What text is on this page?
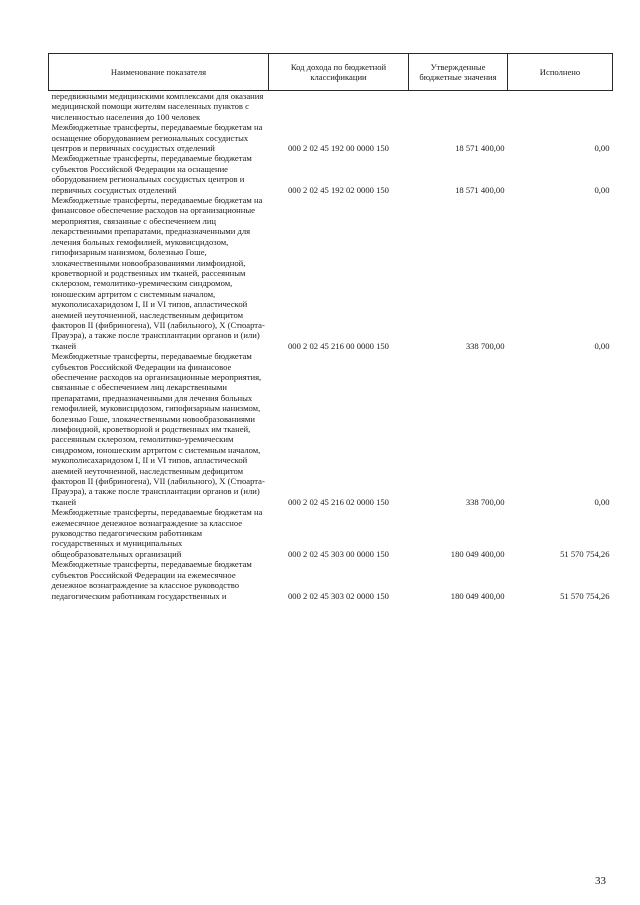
Наименование показателя	Код дохода по бюджетной классификации	Утвержденные бюджетные значения	Исполнено
передвижными медицинскими комплексами для оказания медицинской помощи жителям населенных пунктов с численностью населения до 100 человек			
Межбюджетные трансферты, передаваемые бюджетам на оснащение оборудованием региональных сосудистых центров и первичных сосудистых отделений	000 2 02 45 192 00 0000 150	18 571 400,00	0,00
Межбюджетные трансферты, передаваемые бюджетам субъектов Российской Федерации на оснащение оборудованием региональных сосудистых центров и первичных сосудистых отделений	000 2 02 45 192 02 0000 150	18 571 400,00	0,00
Межбюджетные трансферты, передаваемые бюджетам на финансовое обеспечение расходов на организационные мероприятия, связанные с обеспечением лиц лекарственными препаратами, предназначенными для лечения больных гемофилией, муковисцидозом, гипофизарным нанизмом, болезнью Гоше, злокачественными новообразованиями лимфоидной, кроветворной и родственных им тканей, рассеянным склерозом, гемолитико-уремическим синдромом, юношеским артритом с системным началом, мукополисахаридозом I, II и VI типов, апластической анемией неуточненной, наследственным дефицитом факторов II (фибриногена), VII (лабильного), X (Стюарта-Прауэра), а также после трансплантации органов и (или) тканей	000 2 02 45 216 00 0000 150	338 700,00	0,00
Межбюджетные трансферты, передаваемые бюджетам субъектов Российской Федерации на финансовое обеспечение расходов на организационные мероприятия, связанные с обеспечением лиц лекарственными препаратами, предназначенными для лечения больных гемофилией, муковисцидозом, гипофизарным нанизмом, болезнью Гоше, злокачественными новообразованиями лимфоидной, кроветворной и родственных им тканей, рассеянным склерозом, гемолитико-уремическим синдромом, юношеским артритом с системным началом, мукополисахаридозом I, II и VI типов, апластической анемией неуточненной, наследственным дефицитом факторов II (фибриногена), VII (лабильного), X (Стюарта-Прауэра), а также после трансплантации органов и (или) тканей	000 2 02 45 216 02 0000 150	338 700,00	0,00
Межбюджетные трансферты, передаваемые бюджетам на ежемесячное денежное вознаграждение за классное руководство педагогическим работникам государственных и муниципальных общеобразовательных организаций	000 2 02 45 303 00 0000 150	180 049 400,00	51 570 754,26
Межбюджетные трансферты, передаваемые бюджетам субъектов Российской Федерации на ежемесячное денежное вознаграждение за классное руководство педагогическим работникам государственных и	000 2 02 45 303 02 0000 150	180 049 400,00	51 570 754,26
33
